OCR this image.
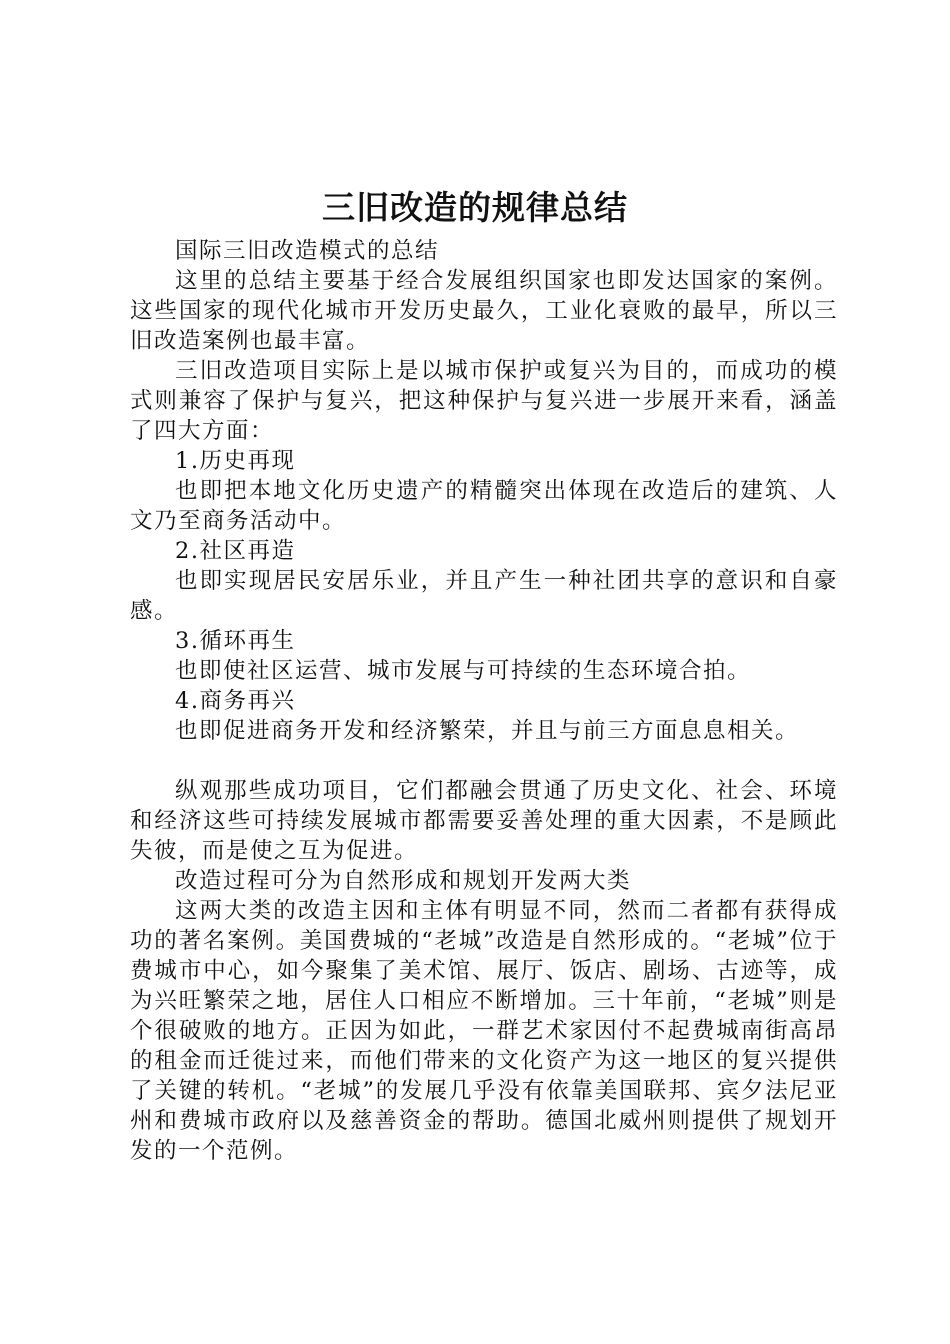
三旧改造的规律总结

国际三旧改造模式的总结

这里的总结主要基于经合发展组织国家也即发达国家的案例。这些国家的现代化城市开发历史最久，工业化衰败的最早，所以三旧改造案例也最丰富。

三旧改造项目实际上是以城市保护或复兴为目的，而成功的模式则兼容了保护与复兴，把这种保护与复兴进一步展开来看，涵盖了四大方面：

1.历史再现

也即把本地文化历史遗产的精髓突出体现在改造后的建筑、人文乃至商务活动中。

2.社区再造

也即实现居民安居乐业，并且产生一种社团共享的意识和自豪感。

3.循环再生

也即使社区运营、城市发展与可持续的生态环境合拍。

4.商务再兴

也即促进商务开发和经济繁荣，并且与前三方面息息相关。

纵观那些成功项目，它们都融会贯通了历史文化、社会、环境和经济这些可持续发展城市都需要妥善处理的重大因素，不是顾此失彼，而是使之互为促进。

改造过程可分为自然形成和规划开发两大类

这两大类的改造主因和主体有明显不同，然而二者都有获得成功的著名案例。美国费城的“老城”改造是自然形成的。“老城”位于费城市中心，如今聚集了美术馆、展厅、饭店、剧场、古迹等，成为兴旺繁荣之地，居住人口相应不断增加。三十年前，“老城”则是个很破败的地方。正因为如此，一群艺术家因付不起费城南街高昂的租金而迁徙过来，而他们带来的文化资产为这一地区的复兴提供了关键的转机。“老城”的发展几乎没有依靠美国联邦、宾夕法尼亚州和费城市政府以及慈善资金的帮助。德国北威州则提供了规划开发的一个范例。
